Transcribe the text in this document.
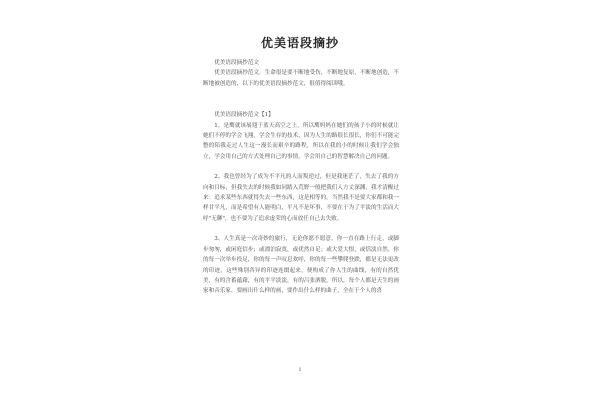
优美语段摘抄

优美语段摘抄范文

优美语段摘抄范文，生命很是要不断地受伤，不断地复原，不断地创造，不断地被创造的，以下的优美语段摘抄范文，很值得阅读哦。

优美语段摘抄范文【1】

1、是鹰就该展翅于蓝天高空之上，所以鹰妈妈在她们的孩子小的时候就让她们不停的学会飞翔，学会生存的技术，因为人生的路很长很长，你们不可能完整的陪我走过人生这一漫长而艰辛的路程，所以在我的小的时候让我们学会独立，学会用自己的方式处理自己的事情，学会用自己的智慧解决自己的问题。

2、我也曾经为了成为不平凡的人而叛逆过，但是我迷茫了，失去了我的方向和目标，但我失去的时候我如同踏入荒野一般把我们人方丈深渊，我才清醒过来：追求某些东西就得失去一些东西，这是相等的。当然我不是要大家都和我一样甘平凡，而是希望有人能明白，平凡不是坏事，不要在于为了平淡的生活而大呼"无聊"，也不要为了追求虚荣的心而放任自己去失败。

3、人生真是一次奇妙的旅行，无论你愿不愿意，你一直在路上行走，或脚步匆匆，或闲庭信步；或漂泊寂寞，或优然自足；或大爱大恨，或恬淡自然。你的每一次举步投足，你的每一声叹息欢呼，你的每一些攀爬登跌，都是无法更改的印迹，这些殊别各异的印迹连缀起来，便构成了你人生的曲线，有的自然优美，有的含蓄蕴藉，有的平平淡淡，有的吕张洒脱。所以，每个人都是天生的画家和音乐家，要画出什么样的画，要作出什么样的曲子，全在于个人的喜

1
